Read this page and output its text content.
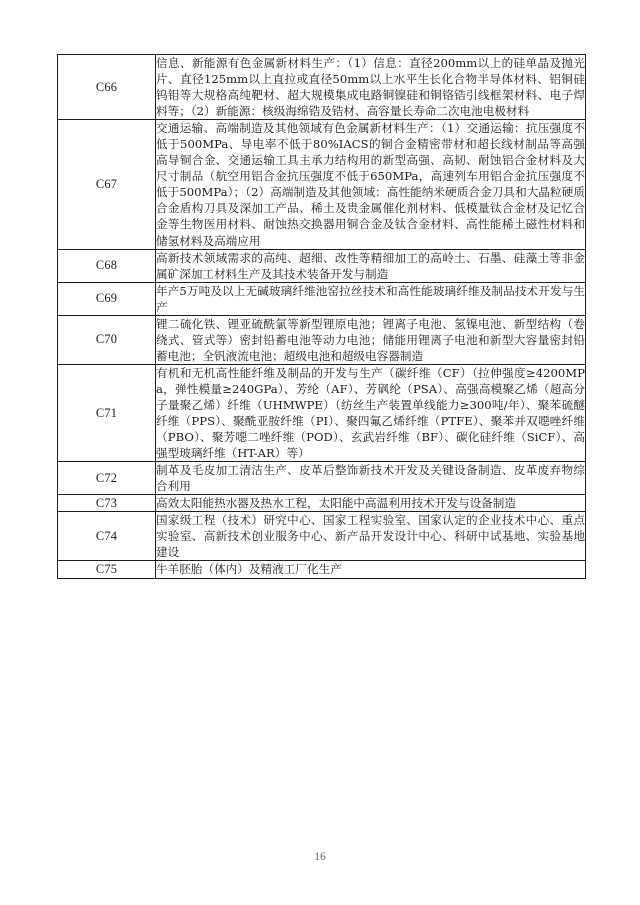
C66	信息、新能源有色金属新材料生产：（1）信息：直径200mm以上的硅单晶及抛光片、直径125mm以上直拉或直径50mm以上水平生长化合物半导体材料、铝铜硅钨钼等大规格高纯靶材、超大规模集成电路铜镍硅和铜铬锆引线框架材料、电子焊料等；（2）新能源：核级海绵锆及锆材、高容量长寿命二次电池电极材料
C67	交通运输、高端制造及其他领域有色金属新材料生产：（1）交通运输：抗压强度不低于500MPa、导电率不低于80%IACS的铜合金精密带材和超长线材制品等高强高导铜合金、交通运输工具主承力结构用的新型高强、高韧、耐蚀铝合金材料及大尺寸制品（航空用铝合金抗压强度不低于650MPa，高速列车用铝合金抗压强度不低于500MPa）；（2）高端制造及其他领域：高性能纳米硬质合金刀具和大晶粒硬质合金盾构刀具及深加工产品、稀土及贵金属催化剂材料、低模量钛合金材及记忆合金等生物医用材料、耐蚀热交换器用铜合金及钛合金材料、高性能稀土磁性材料和储氢材料及高端应用
C68	高新技术领域需求的高纯、超细、改性等精细加工的高岭土、石墨、硅藻土等非金属矿深加工材料生产及其技术装备开发与制造
C69	年产5万吨及以上无碱玻璃纤维池窑拉丝技术和高性能玻璃纤维及制品技术开发与生产
C70	锂二硫化铁、锂亚硫酰氯等新型锂原电池；锂离子电池、氢镍电池、新型结构（卷绕式、管式等）密封铅蓄电池等动力电池；储能用锂离子电池和新型大容量密封铅蓄电池；全钒液流电池；超级电池和超级电容器制造
C71	有机和无机高性能纤维及制品的开发与生产（碳纤维（CF）（拉伸强度≥4200MPa，弹性模量≥240GPa）、芳纶（AF）、芳砜纶（PSA）、高强高模聚乙烯（超高分子量聚乙烯）纤维（UHMWPE）（纺丝生产装置单线能力≥300吨/年）、聚苯硫醚纤维（PPS）、聚酰亚胺纤维（PI）、聚四氟乙烯纤维（PTFE）、聚苯并双噁唑纤维（PBO）、聚芳噁二唑纤维（POD）、玄武岩纤维（BF）、碳化硅纤维（SiCF）、高强型玻璃纤维（HT-AR）等）
C72	制革及毛皮加工清洁生产、皮革后整饰新技术开发及关键设备制造、皮革废弃物综合利用
C73	高效太阳能热水器及热水工程，太阳能中高温利用技术开发与设备制造
C74	国家级工程（技术）研究中心、国家工程实验室、国家认定的企业技术中心、重点实验室、高新技术创业服务中心、新产品开发设计中心、科研中试基地、实验基地建设
C75	牛羊胚胎（体内）及精液工厂化生产
16
